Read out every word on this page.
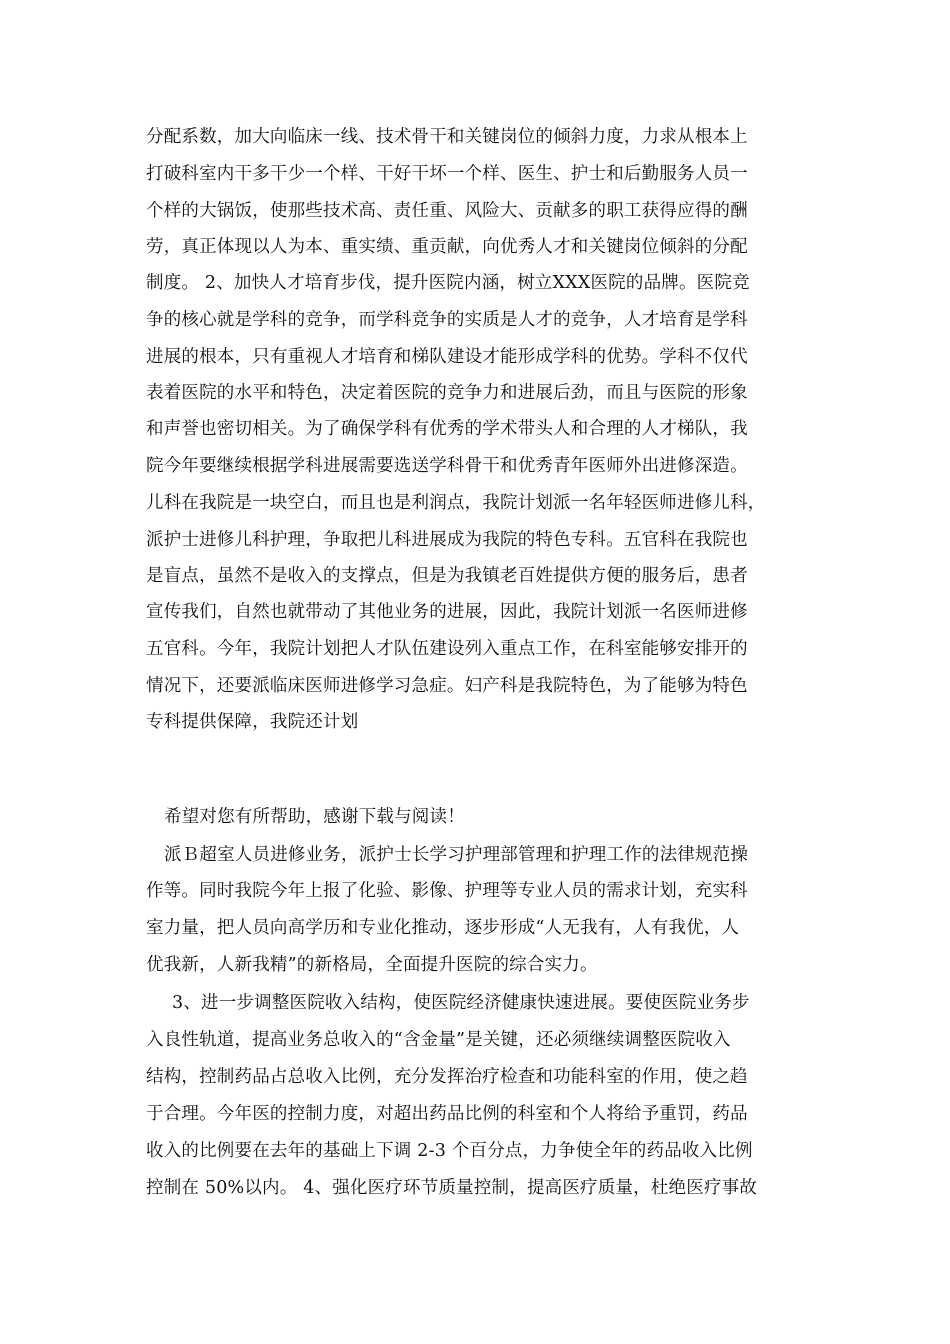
分配系数，加大向临床一线、技术骨干和关键岗位的倾斜力度，力求从根本上
打破科室内干多干少一个样、干好干坏一个样、医生、护士和后勤服务人员一
个样的大锅饭，使那些技术高、责任重、风险大、贡献多的职工获得应得的酬
劳，真正体现以人为本、重实绩、重贡献，向优秀人才和关键岗位倾斜的分配
制度。 2、加快人才培育步伐，提升医院内涵，树立XXX医院的品牌。医院竞
争的核心就是学科的竞争，而学科竞争的实质是人才的竞争，人才培育是学科
进展的根本，只有重视人才培育和梯队建设才能形成学科的优势。学科不仅代
表着医院的水平和特色，决定着医院的竞争力和进展后劲，而且与医院的形象
和声誉也密切相关。为了确保学科有优秀的学术带头人和合理的人才梯队，我
院今年要继续根据学科进展需要选送学科骨干和优秀青年医师外出进修深造。
儿科在我院是一块空白，而且也是利润点，我院计划派一名年轻医师进修儿科，
派护士进修儿科护理，争取把儿科进展成为我院的特色专科。五官科在我院也
是盲点，虽然不是收入的支撑点，但是为我镇老百姓提供方便的服务后，患者
宣传我们，自然也就带动了其他业务的进展，因此，我院计划派一名医师进修
五官科。今年，我院计划把人才队伍建设列入重点工作，在科室能够安排开的
情况下，还要派临床医师进修学习急症。妇产科是我院特色，为了能够为特色
专科提供保障，我院还计划
希望对您有所帮助，感谢下载与阅读！
派Ｂ超室人员进修业务，派护士长学习护理部管理和护理工作的法律规范操
作等。同时我院今年上报了化验、影像、护理等专业人员的需求计划，充实科
室力量，把人员向高学历和专业化推动，逐步形成“人无我有，人有我优，人
优我新，人新我精”的新格局，全面提升医院的综合实力。
3、进一步调整医院收入结构，使医院经济健康快速进展。要使医院业务步
入良性轨道，提高业务总收入的“含金量”是关键，还必须继续调整医院收入
结构，控制药品占总收入比例，充分发挥治疗检查和功能科室的作用，使之趋
于合理。今年医的控制力度，对超出药品比例的科室和个人将给予重罚，药品
收入的比例要在去年的基础上下调 2-3 个百分点，力争使全年的药品收入比例
控制在 50%以内。 4、强化医疗环节质量控制，提高医疗质量，杜绝医疗事故
